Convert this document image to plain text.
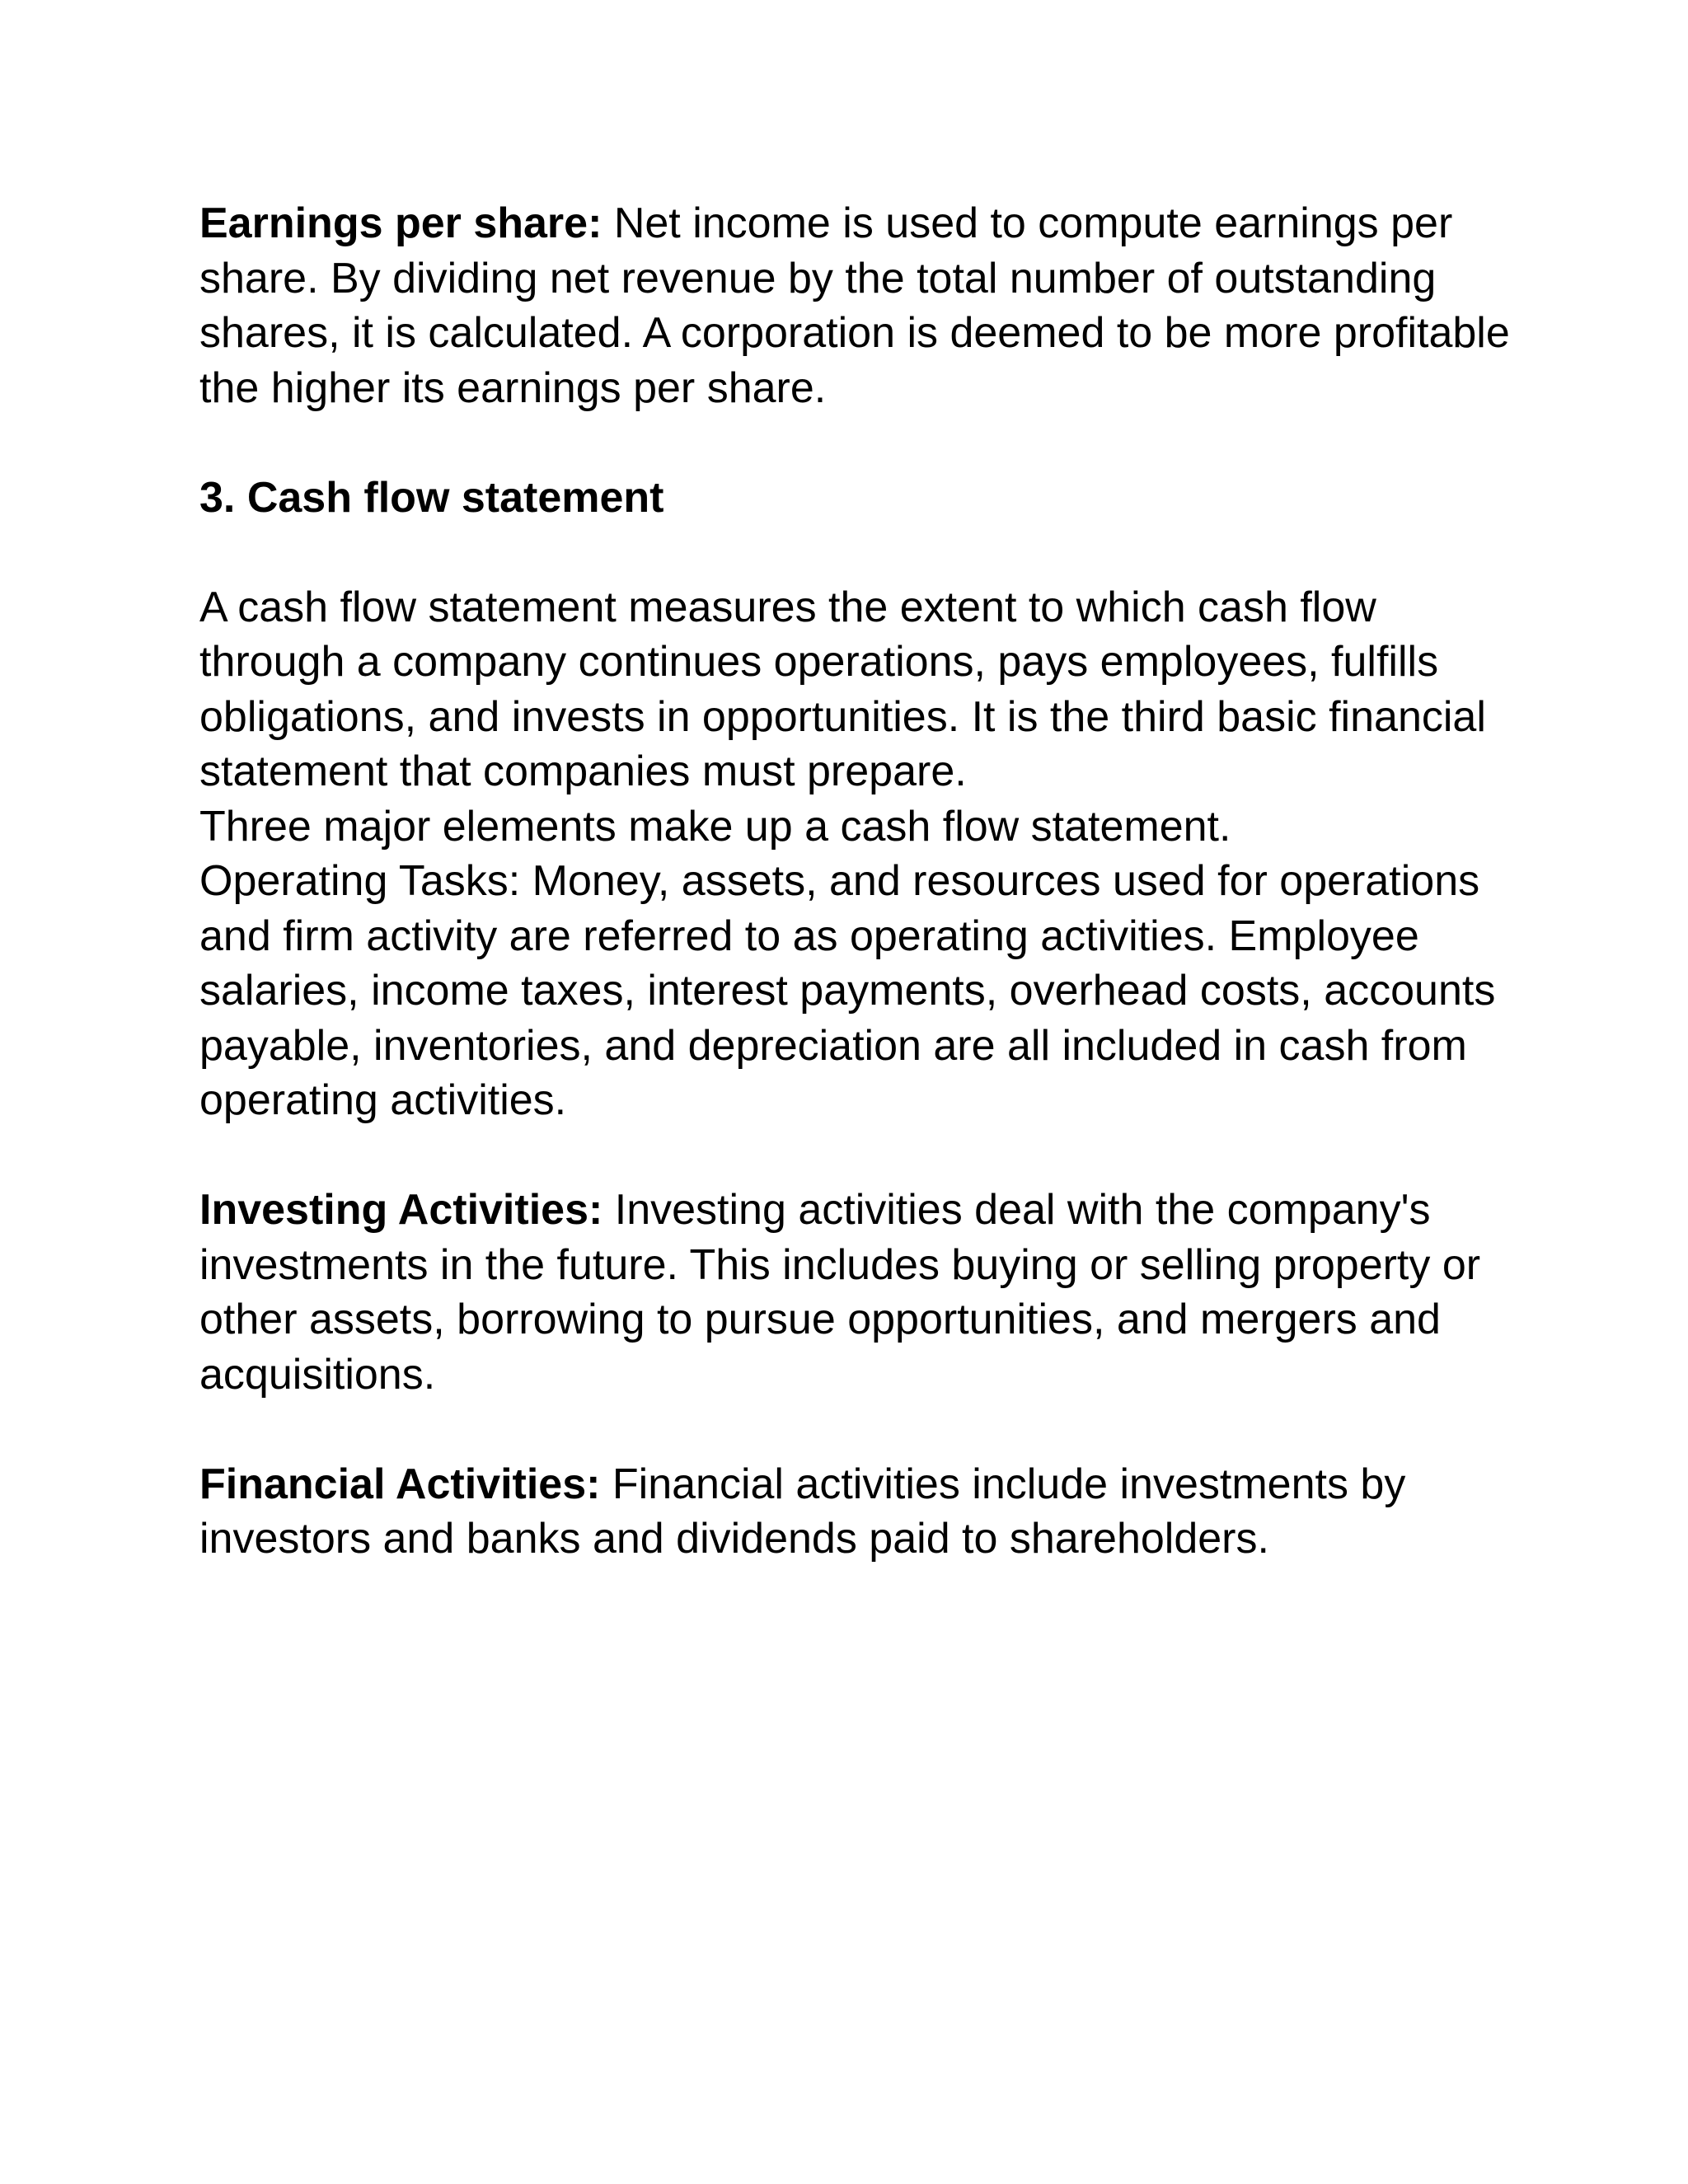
Earnings per share: Net income is used to compute earnings per share. By dividing net revenue by the total number of outstanding shares, it is calculated. A corporation is deemed to be more profitable the higher its earnings per share.

3. Cash flow statement

A cash flow statement measures the extent to which cash flow through a company continues operations, pays employees, fulfills obligations, and invests in opportunities. It is the third basic financial statement that companies must prepare.

Three major elements make up a cash flow statement.

Operating Tasks: Money, assets, and resources used for operations and firm activity are referred to as operating activities. Employee salaries, income taxes, interest payments, overhead costs, accounts payable, inventories, and depreciation are all included in cash from operating activities.

Investing Activities: Investing activities deal with the company's investments in the future. This includes buying or selling property or other assets, borrowing to pursue opportunities, and mergers and acquisitions.

Financial Activities: Financial activities include investments by investors and banks and dividends paid to shareholders.
